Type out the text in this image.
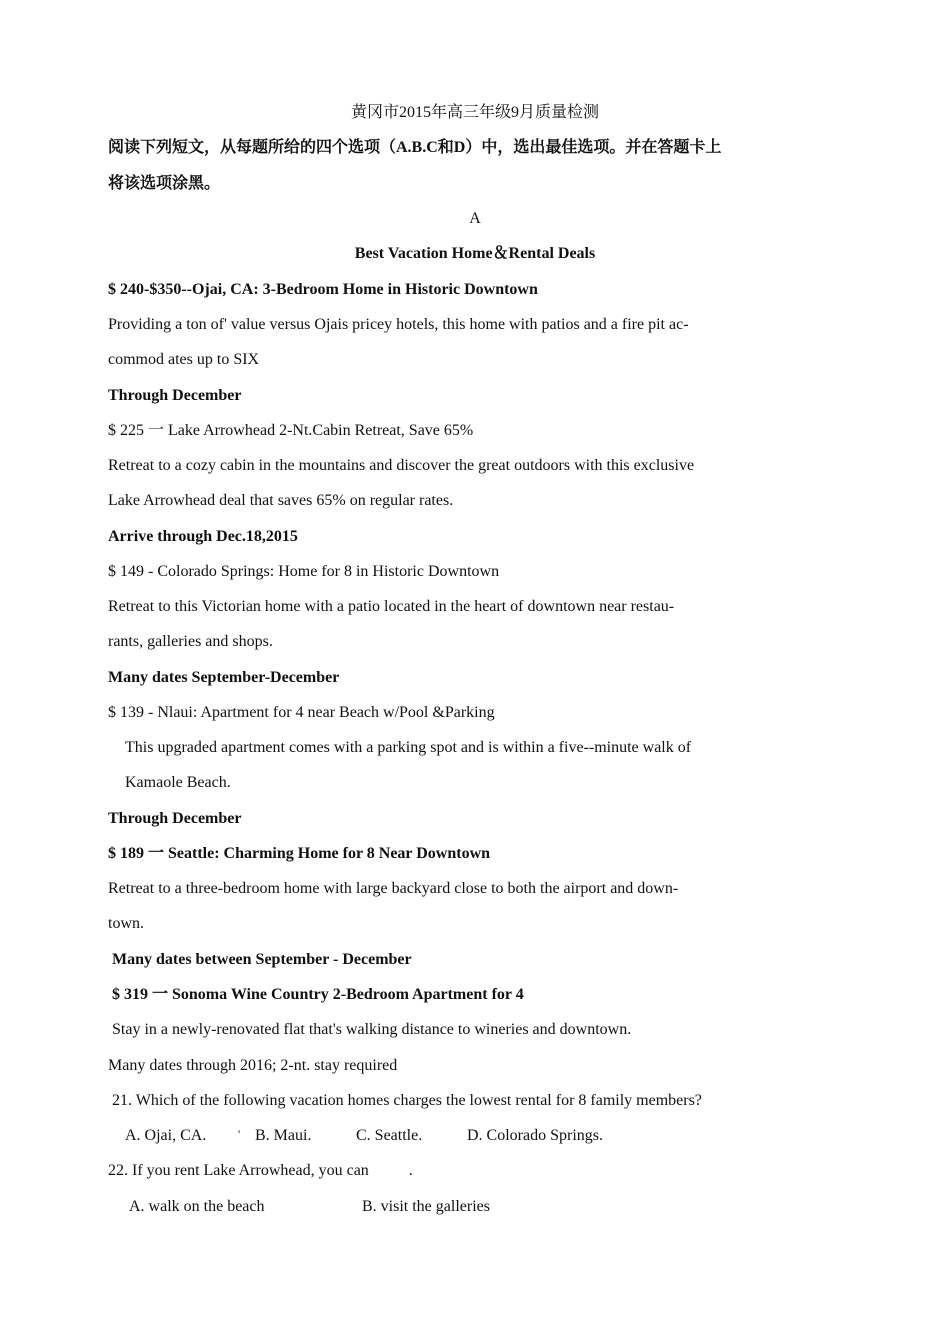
黄冈市2015年高三年级9月质量检测
阅读下列短文，从每题所给的四个选项（A.B.C和D）中，选出最佳选项。并在答题卡上
将该选项涂黑。
A
Best Vacation Home＆Rental Deals
$ 240-$350--Ojai, CA: 3-Bedroom Home in Historic Downtown
Providing a ton of' value versus Ojais pricey hotels, this home with patios and a fire pit ac-
commod ates up to SIX
Through December
$ 225 一 Lake Arrowhead 2-Nt.Cabin Retreat, Save 65%
Retreat to a cozy cabin in the mountains and discover the great outdoors with this exclusive
Lake Arrowhead deal that saves 65% on regular rates.
Arrive through Dec.18,2015
$ 149 - Colorado Springs: Home for 8 in Historic Downtown
Retreat to this Victorian home with a patio located in the heart of downtown near restau-
rants, galleries and shops.
Many dates September-December
$ 139 - Nlaui: Apartment for 4 near Beach w/Pool &Parking
This upgraded apartment comes with a parking spot and is within a five--minute walk of
Kamaole Beach.
Through December
$ 189 一 Seattle: Charming Home for 8 Near Downtown
Retreat to a three-bedroom home with large backyard close to both the airport and down-
town.
Many dates between September - December
$ 319 一 Sonoma Wine Country 2-Bedroom Apartment for 4
Stay in a newly-renovated flat that's walking distance to wineries and downtown.
Many dates through 2016; 2-nt. stay required
21. Which of the following vacation homes charges the lowest rental for 8 family members?
A. Ojai, CA.	' B. Maui.	C. Seattle.	D. Colorado Springs.
22. If you rent Lake Arrowhead, you can          .
A. walk on the beach	B. visit the galleries
